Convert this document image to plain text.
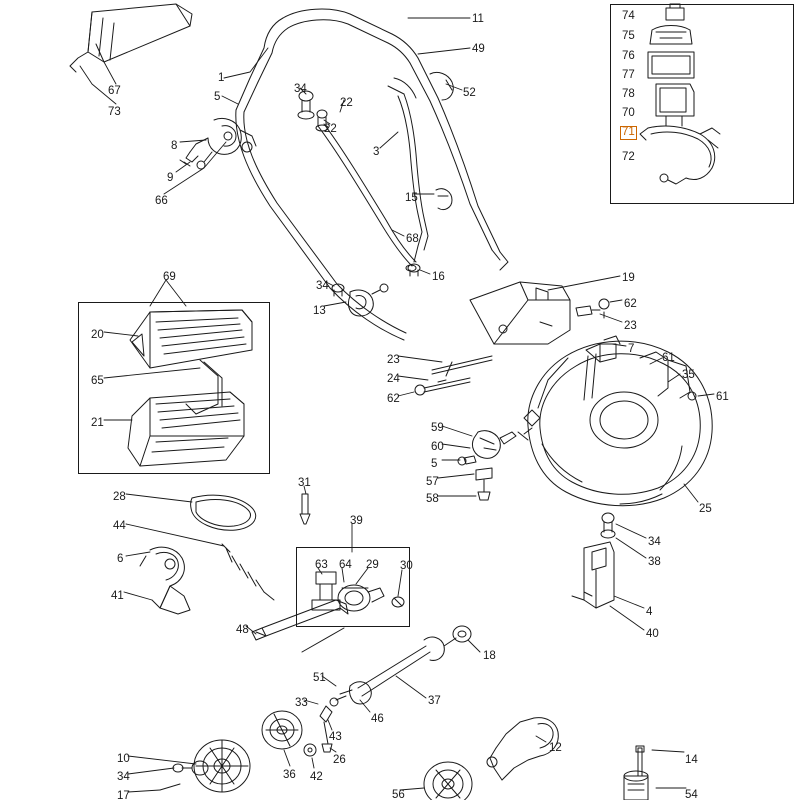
11
49
74
75
76
77
78
70
71
72
1
34
5	22
52
22
8	3
9
66	15
67
73
68
16
34
13
19
62
23
69
20
65
21
23
24
62
7
61
35
61
59
60
5
57
58
25
34
38
31
28
44	39
6
41
63 64 29 30
4
40
48
18
51
37
33
46
43
26
12
14
10
34
17
36 42
56	54
